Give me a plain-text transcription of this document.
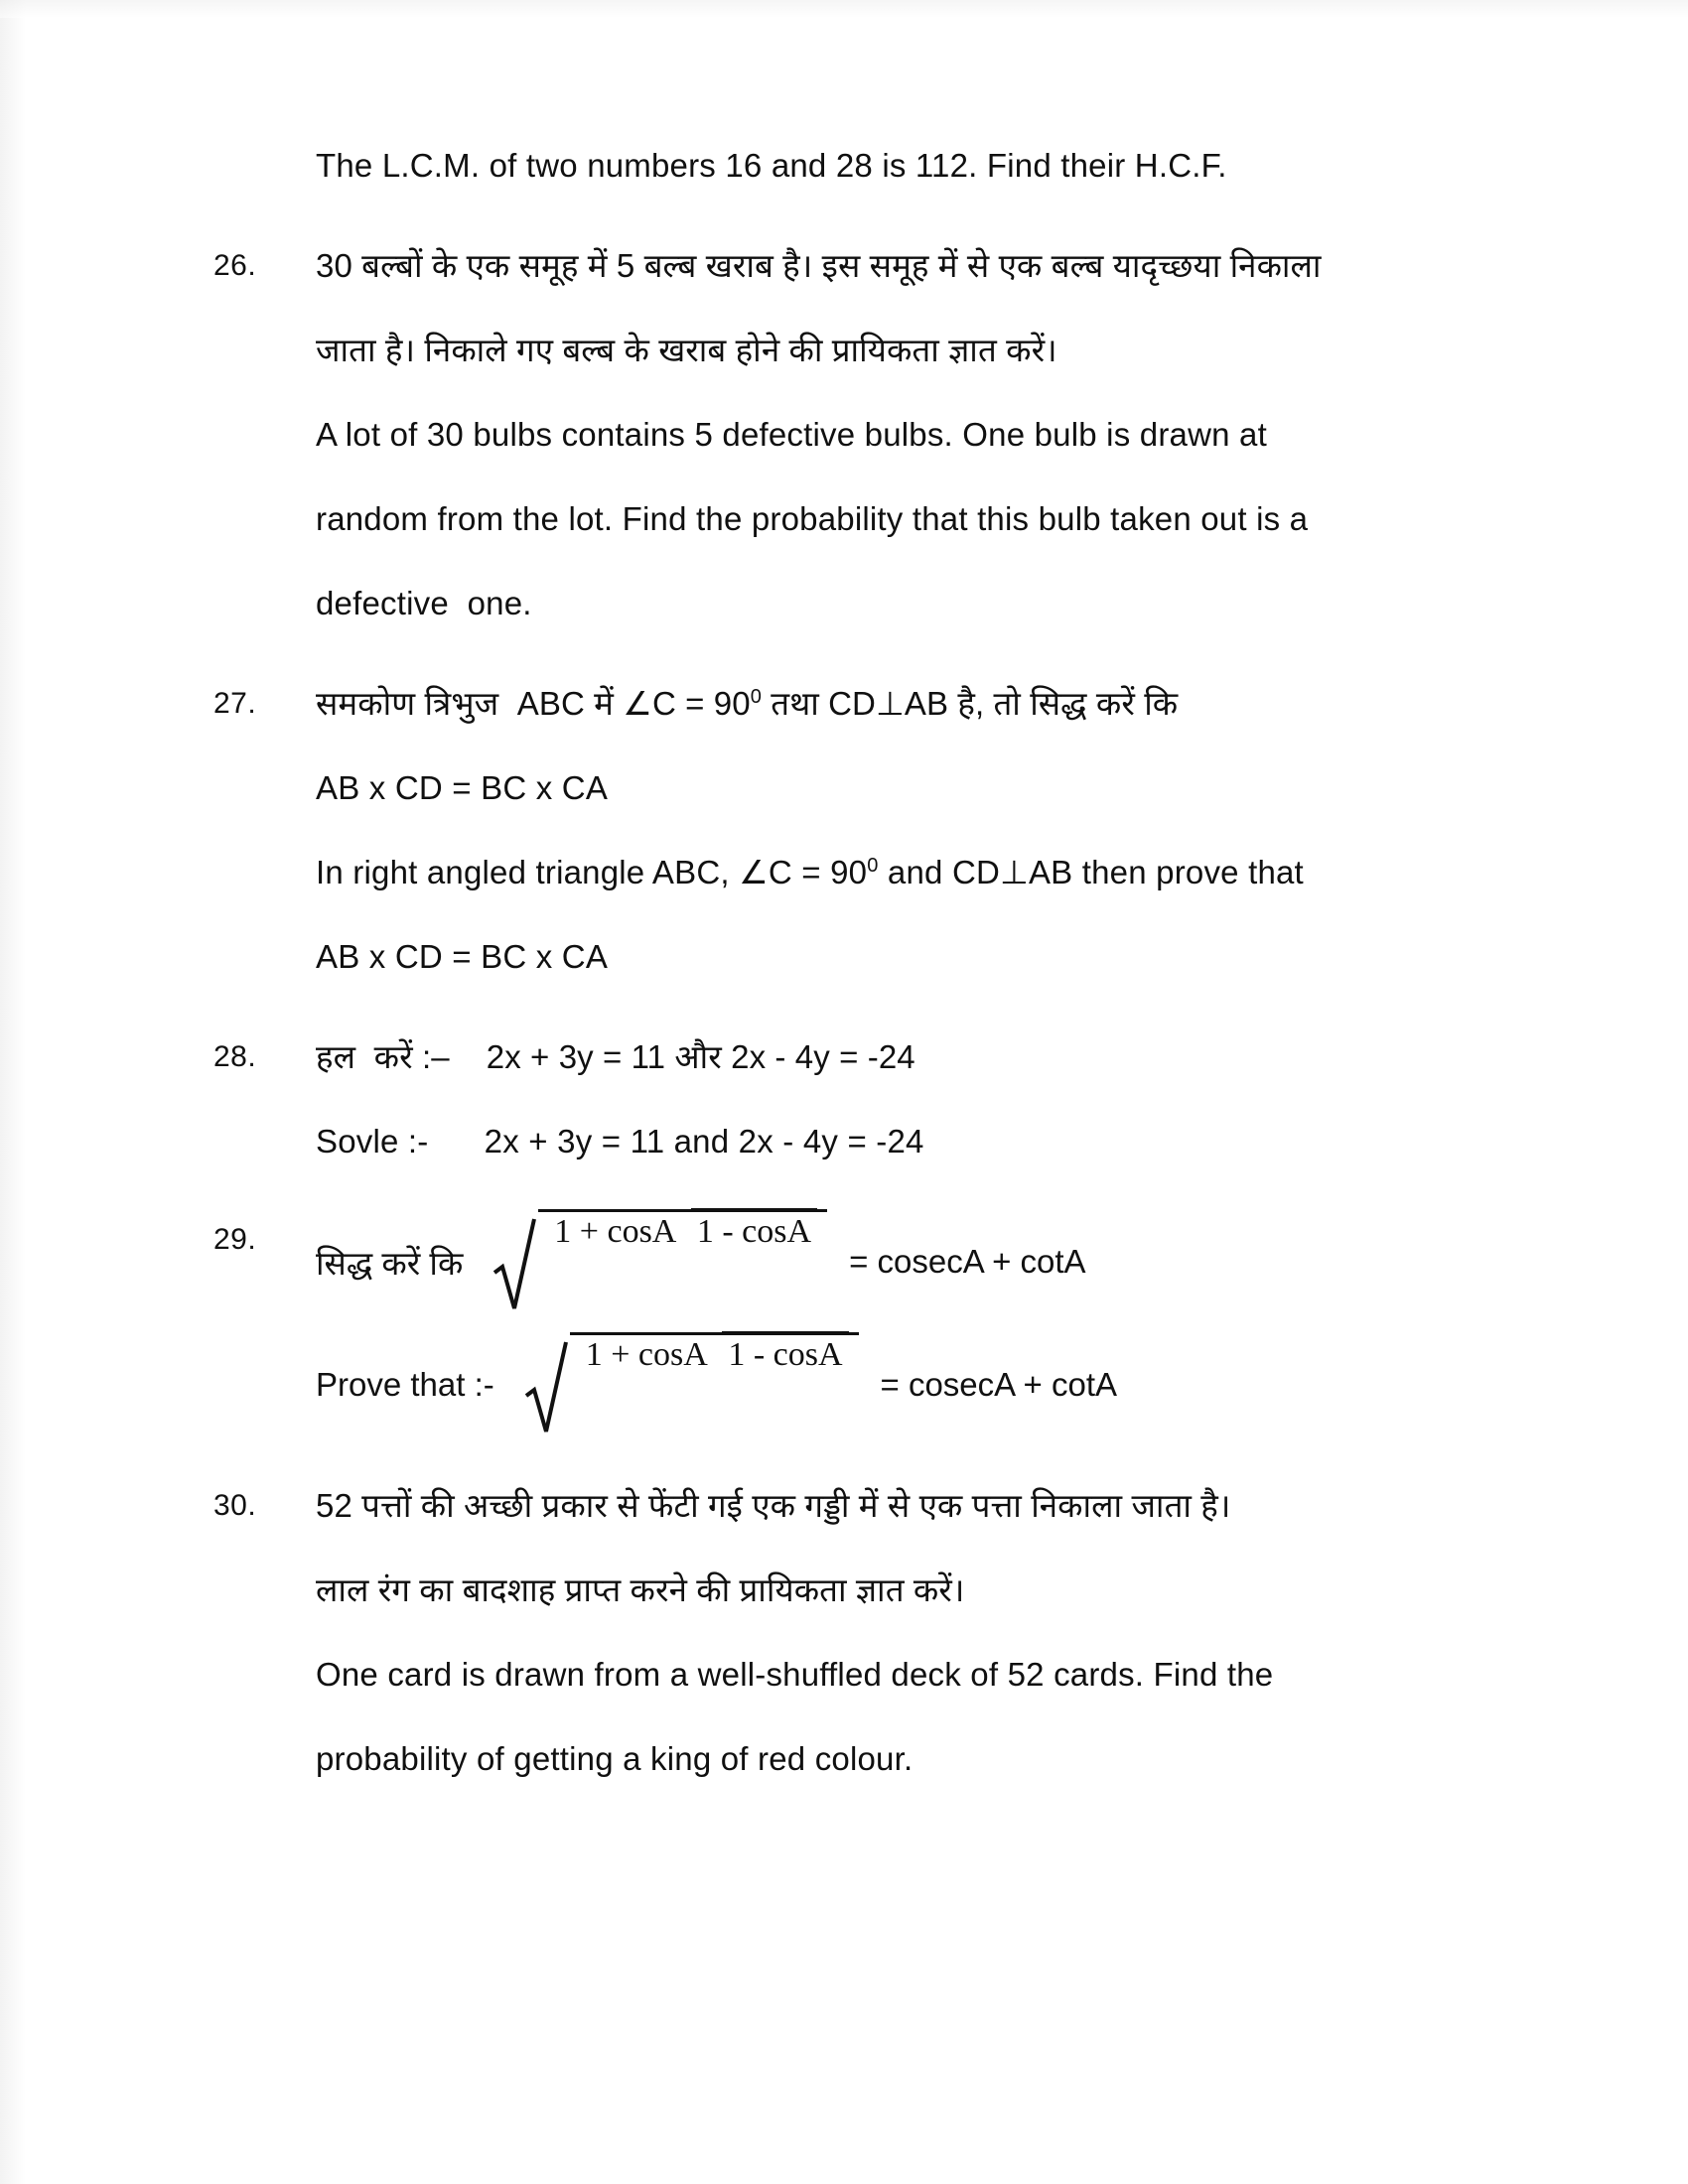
The L.C.M. of two numbers 16 and 28 is 112. Find their H.C.F.
26.	30 बल्बों के एक समूह में 5 बल्ब खराब है। इस समूह में से एक बल्ब यादृच्छया निकाला
जाता है। निकाले गए बल्ब के खराब होने की प्रायिकता ज्ञात करें।
A lot of 30 bulbs contains 5 defective bulbs. One bulb is drawn at
random from the lot. Find the probability that this bulb taken out is a
defective  one.
27.	समकोण त्रिभुज  ABC में ∠C = $90^0$ तथा CD⊥AB है, तो सिद्ध करें कि
AB x CD = BC x CA
In right angled triangle ABC, ∠C = $90^0$ and CD⊥AB then prove that
AB x CD = BC x CA
28.	हल  करें :–    2x + 3y = 11 और 2x - 4y = -24
Sovle :-      2x + 3y = 11 and 2x - 4y = -24
29.
सिद्ध करें कि
1 + cosA 1 - cosA
= cosecA + cotA
Prove that :-
1 + cosA 1 - cosA
= cosecA + cotA
30.	52 पत्तों की अच्छी प्रकार से फेंटी गई एक गड्डी में से एक पत्ता निकाला जाता है।
लाल रंग का बादशाह प्राप्त करने की प्रायिकता ज्ञात करें।
One card is drawn from a well-shuffled deck of 52 cards. Find the
probability of getting a king of red colour.
